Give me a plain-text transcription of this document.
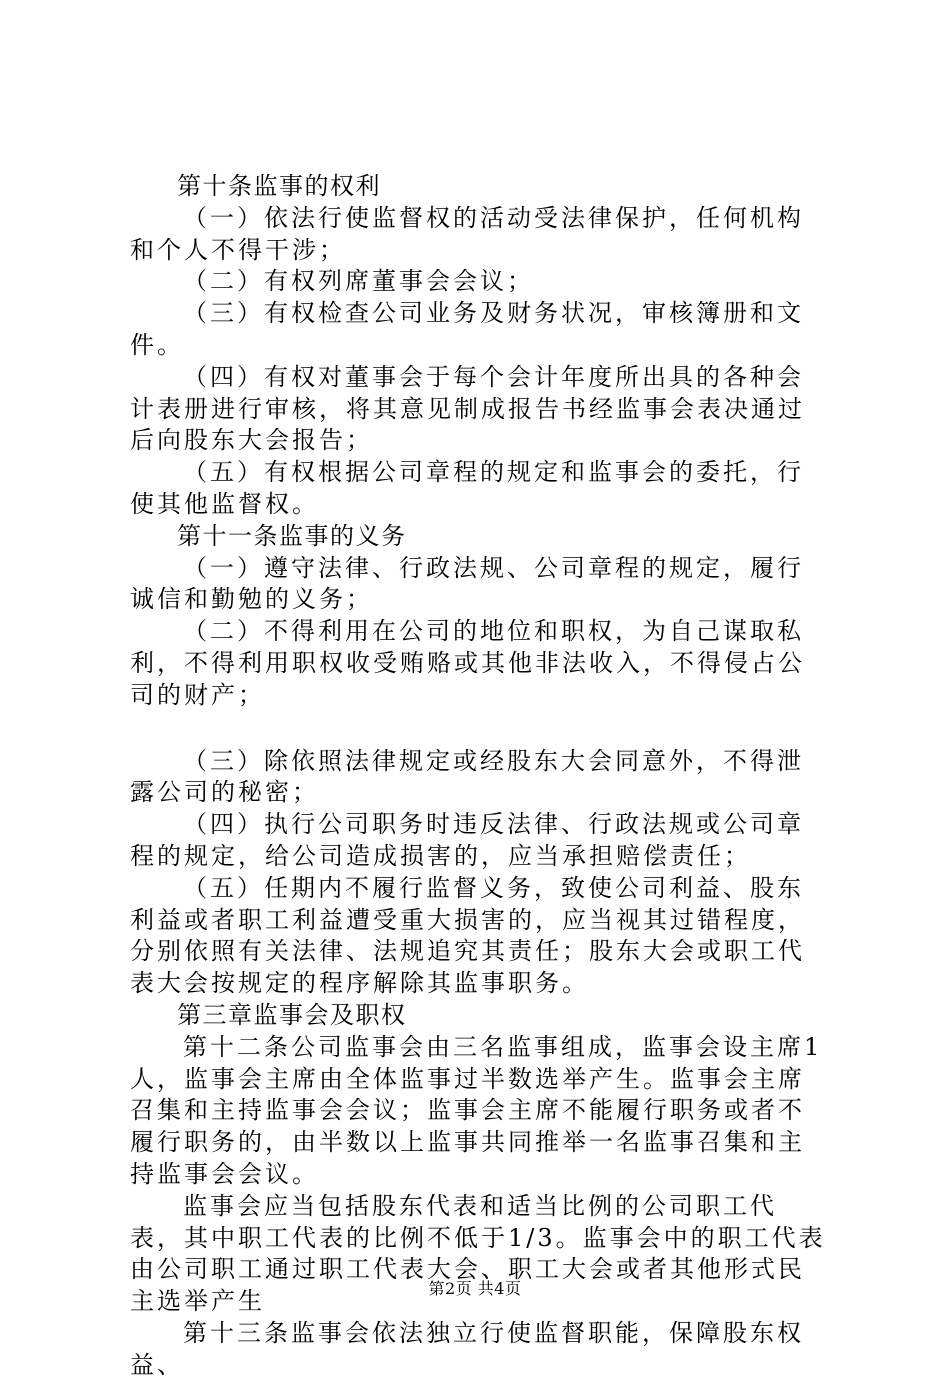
第十条监事的权利

（一）依法行使监督权的活动受法律保护，任何机构和个人不得干涉；

（二）有权列席董事会会议；

（三）有权检查公司业务及财务状况，审核簿册和文件。

（四）有权对董事会于每个会计年度所出具的各种会计表册进行审核，将其意见制成报告书经监事会表决通过后向股东大会报告；

（五）有权根据公司章程的规定和监事会的委托，行使其他监督权。

第十一条监事的义务

（一）遵守法律、行政法规、公司章程的规定，履行诚信和勤勉的义务；

（二）不得利用在公司的地位和职权，为自己谋取私利，不得利用职权收受贿赂或其他非法收入，不得侵占公司的财产；

（三）除依照法律规定或经股东大会同意外，不得泄露公司的秘密；

（四）执行公司职务时违反法律、行政法规或公司章程的规定，给公司造成损害的，应当承担赔偿责任；

（五）任期内不履行监督义务，致使公司利益、股东利益或者职工利益遭受重大损害的，应当视其过错程度，分别依照有关法律、法规追究其责任；股东大会或职工代表大会按规定的程序解除其监事职务。

第三章监事会及职权

第十二条公司监事会由三名监事组成，监事会设主席1人，监事会主席由全体监事过半数选举产生。监事会主席召集和主持监事会会议；监事会主席不能履行职务或者不履行职务的，由半数以上监事共同推举一名监事召集和主持监事会会议。

监事会应当包括股东代表和适当比例的公司职工代表，其中职工代表的比例不低于1/3。监事会中的职工代表由公司职工通过职工代表大会、职工大会或者其他形式民主选举产生

第十三条监事会依法独立行使监督职能，保障股东权益、

第2页 共4页
